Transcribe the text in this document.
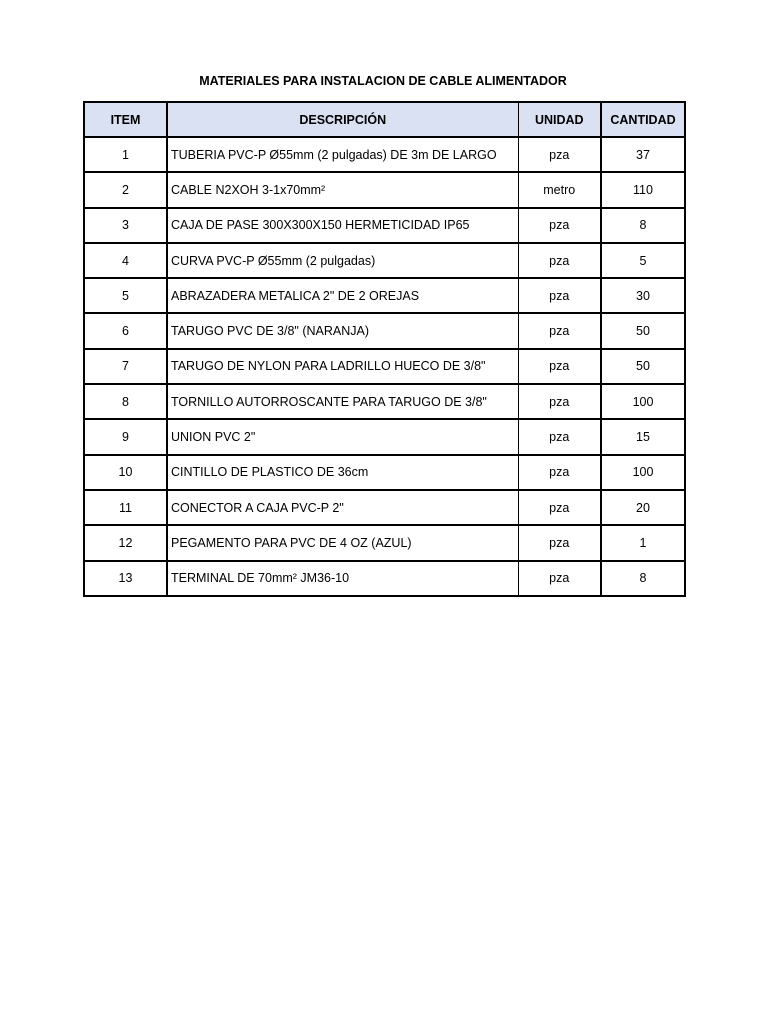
MATERIALES PARA INSTALACION DE CABLE ALIMENTADOR
ITEM	DESCRIPCIÓN	UNIDAD	CANTIDAD
1	TUBERIA PVC-P Ø55mm (2 pulgadas) DE 3m DE LARGO	pza	37
2	CABLE N2XOH 3-1x70mm²	metro	110
3	CAJA DE PASE 300X300X150 HERMETICIDAD IP65	pza	8
4	CURVA PVC-P Ø55mm (2 pulgadas)	pza	5
5	ABRAZADERA METALICA 2" DE 2 OREJAS	pza	30
6	TARUGO PVC DE 3/8" (NARANJA)	pza	50
7	TARUGO DE NYLON PARA LADRILLO HUECO DE 3/8"	pza	50
8	TORNILLO AUTORROSCANTE PARA TARUGO DE 3/8"	pza	100
9	UNION PVC 2"	pza	15
10	CINTILLO DE PLASTICO DE 36cm	pza	100
11	CONECTOR A CAJA PVC-P 2"	pza	20
12	PEGAMENTO PARA PVC DE 4 OZ (AZUL)	pza	1
13	TERMINAL DE 70mm² JM36-10	pza	8
